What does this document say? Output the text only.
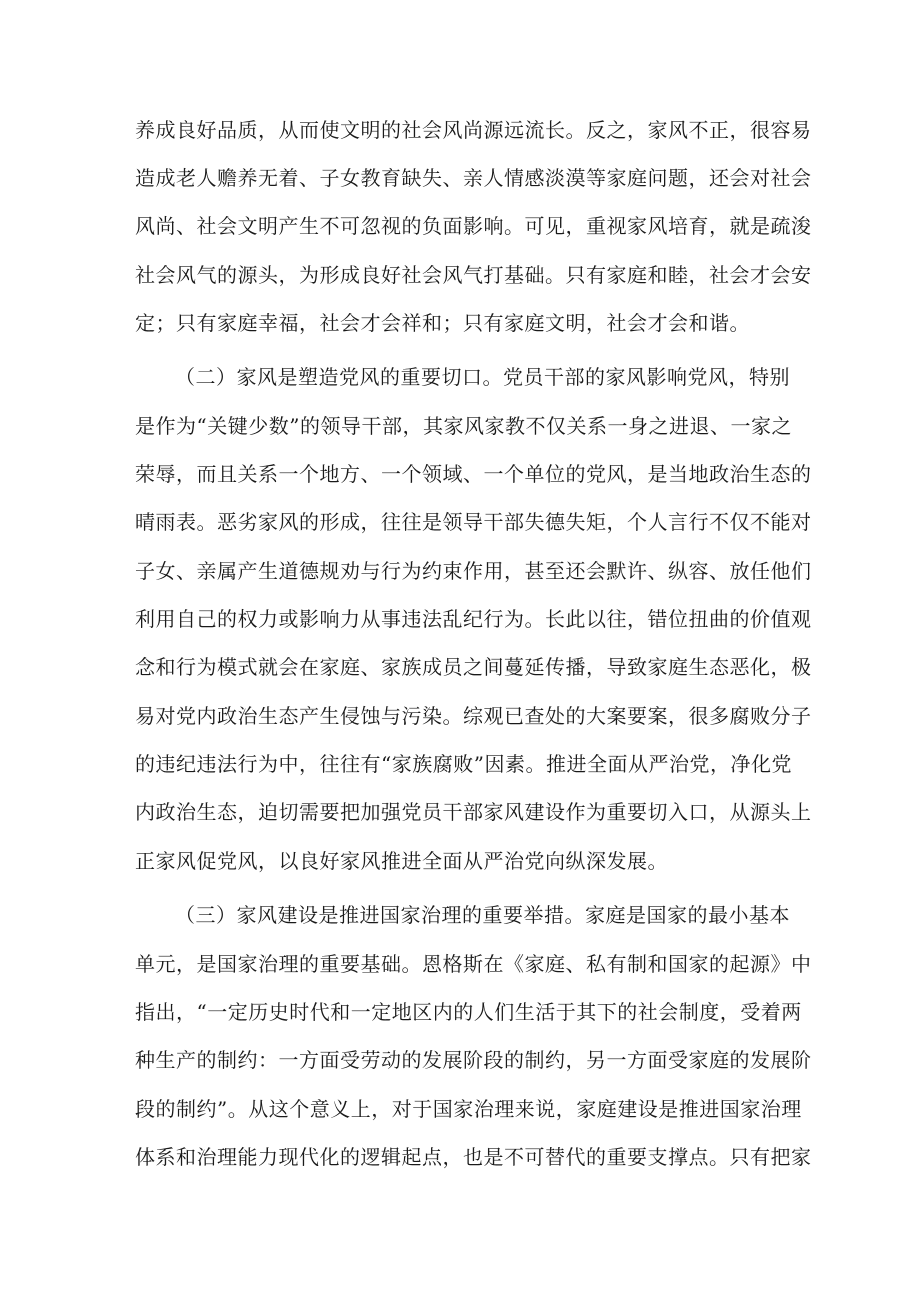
养成良好品质，从而使文明的社会风尚源远流长。反之，家风不正，很容易
造成老人赡养无着、子女教育缺失、亲人情感淡漠等家庭问题，还会对社会
风尚、社会文明产生不可忽视的负面影响。可见，重视家风培育，就是疏浚
社会风气的源头，为形成良好社会风气打基础。只有家庭和睦，社会才会安
定；只有家庭幸福，社会才会祥和；只有家庭文明，社会才会和谐。
（二）家风是塑造党风的重要切口。党员干部的家风影响党风，特别
是作为“关键少数”的领导干部，其家风家教不仅关系一身之进退、一家之
荣辱，而且关系一个地方、一个领域、一个单位的党风，是当地政治生态的
晴雨表。恶劣家风的形成，往往是领导干部失德失矩，个人言行不仅不能对
子女、亲属产生道德规劝与行为约束作用，甚至还会默许、纵容、放任他们
利用自己的权力或影响力从事违法乱纪行为。长此以往，错位扭曲的价值观
念和行为模式就会在家庭、家族成员之间蔓延传播，导致家庭生态恶化，极
易对党内政治生态产生侵蚀与污染。综观已查处的大案要案，很多腐败分子
的违纪违法行为中，往往有“家族腐败”因素。推进全面从严治党，净化党
内政治生态，迫切需要把加强党员干部家风建设作为重要切入口，从源头上
正家风促党风，以良好家风推进全面从严治党向纵深发展。
（三）家风建设是推进国家治理的重要举措。家庭是国家的最小基本
单元，是国家治理的重要基础。恩格斯在《家庭、私有制和国家的起源》中
指出，“一定历史时代和一定地区内的人们生活于其下的社会制度，受着两
种生产的制约：一方面受劳动的发展阶段的制约，另一方面受家庭的发展阶
段的制约”。从这个意义上，对于国家治理来说，家庭建设是推进国家治理
体系和治理能力现代化的逻辑起点，也是不可替代的重要支撑点。只有把家
